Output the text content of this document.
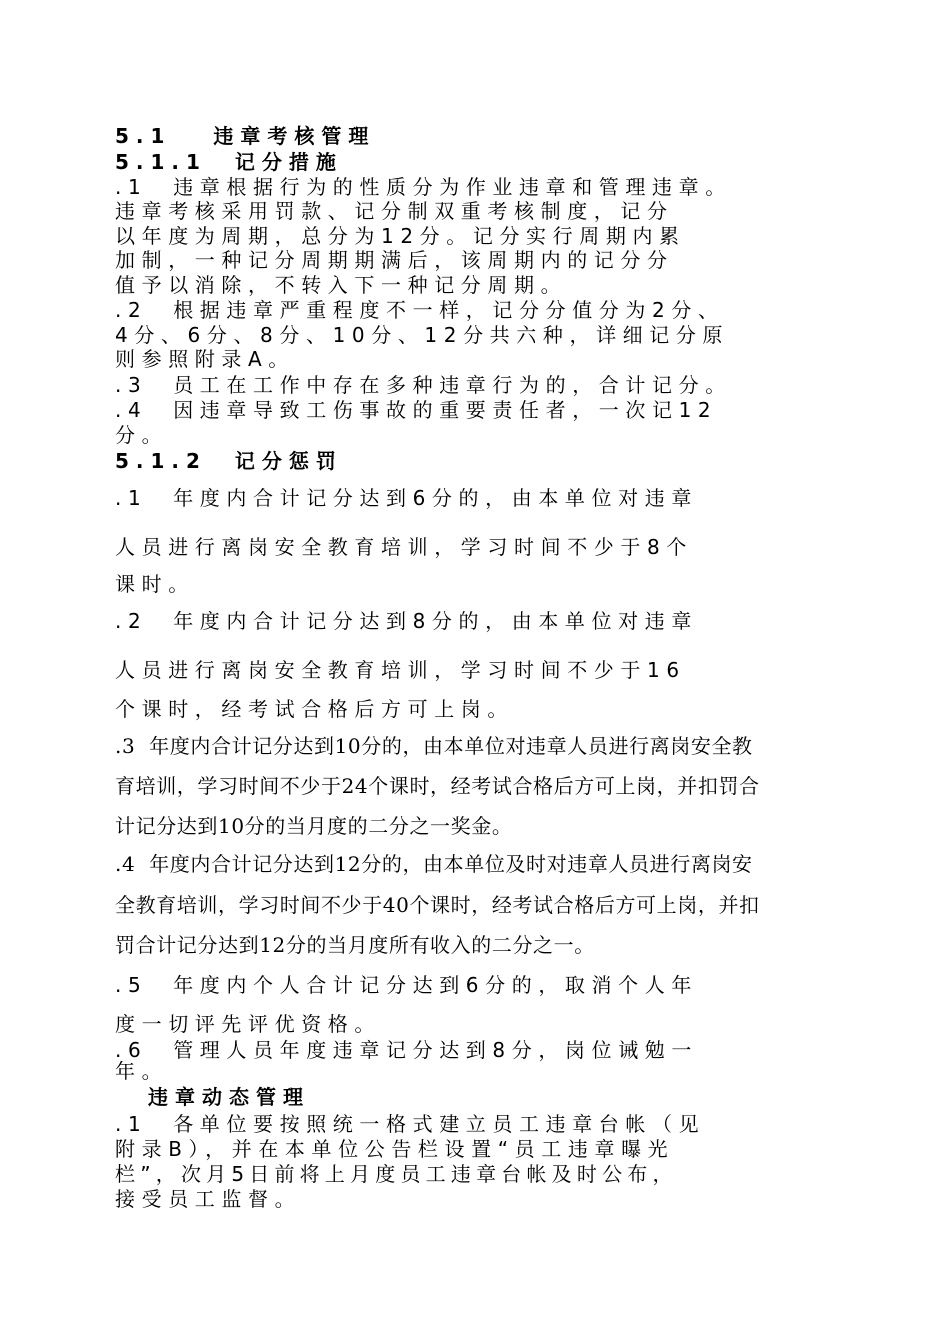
5.1   违章考核管理

5.1.1  记分措施

.1  违章根据行为的性质分为作业违章和管理违章。

违章考核采用罚款、记分制双重考核制度，记分

以年度为周期，总分为12分。记分实行周期内累

加制，一种记分周期期满后，该周期内的记分分

值予以消除，不转入下一种记分周期。

.2  根据违章严重程度不一样，记分分值分为2分、

4分、6分、8分、10分、12分共六种，详细记分原

则参照附录A。

.3  员工在工作中存在多种违章行为的，合计记分。

.4  因违章导致工伤事故的重要责任者，一次记12

分。

5.1.2  记分惩罚

.1  年度内合计记分达到6分的，由本单位对违章

人员进行离岗安全教育培训，学习时间不少于8个

课时。

.2  年度内合计记分达到8分的，由本单位对违章

人员进行离岗安全教育培训，学习时间不少于16

个课时，经考试合格后方可上岗。

.3  年度内合计记分达到10分的，由本单位对违章人员进行离岗安全教

育培训，学习时间不少于24个课时，经考试合格后方可上岗，并扣罚合

计记分达到10分的当月度的二分之一奖金。

.4  年度内合计记分达到12分的，由本单位及时对违章人员进行离岗安

全教育培训，学习时间不少于40个课时，经考试合格后方可上岗，并扣

罚合计记分达到12分的当月度所有收入的二分之一。

.5  年度内个人合计记分达到6分的，取消个人年

度一切评先评优资格。

.6  管理人员年度违章记分达到8分，岗位诫勉一

年。

违章动态管理

.1  各单位要按照统一格式建立员工违章台帐（见

附录B），并在本单位公告栏设置“员工违章曝光

栏”，次月5日前将上月度员工违章台帐及时公布，

接受员工监督。
